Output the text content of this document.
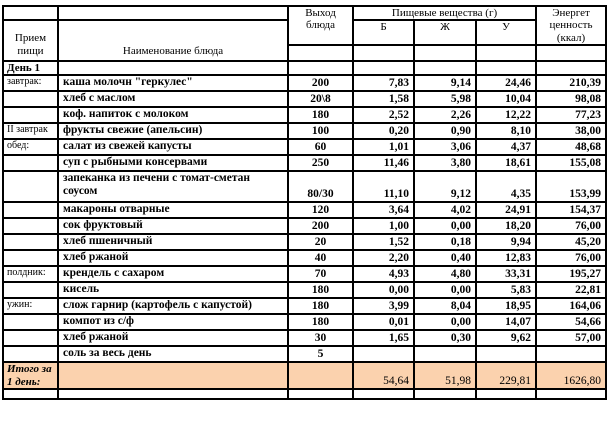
		Выход блюда	Пищевые вещества (г)			Энергет ценность (ккал)
Прием пищи	Наименование блюда		Б	Ж	У	

День 1						
завтрак:	каша молочн "геркулес"	200	7,83	9,14	24,46	210,39
	хлеб с маслом	20\8	1,58	5,98	10,04	98,08
	коф. напиток с молоком	180	2,52	2,26	12,22	77,23
II завтрак	фрукты свежие (апельсин)	100	0,20	0,90	8,10	38,00
обед:	салат из свежей капусты	60	1,01	3,06	4,37	48,68
	суп с рыбными консервами	250	11,46	3,80	18,61	155,08
	запеканка из печени с томат-сметан соусом	80/30	11,10	9,12	4,35	153,99
	макароны отварные	120	3,64	4,02	24,91	154,37
	сок фруктовый	200	1,00	0,00	18,20	76,00
	хлеб пшеничный	20	1,52	0,18	9,94	45,20
	хлеб ржаной	40	2,20	0,40	12,83	76,00
полдник:	крендель с сахаром	70	4,93	4,80	33,31	195,27
	кисель	180	0,00	0,00	5,83	22,81
ужин:	слож гарнир (картофель с капустой)	180	3,99	8,04	18,95	164,06
	компот из с/ф	180	0,01	0,00	14,07	54,66
	хлеб ржаной	30	1,65	0,30	9,62	57,00
	соль за весь день	5				
Итого за 1 день:			54,64	51,98	229,81	1626,80
